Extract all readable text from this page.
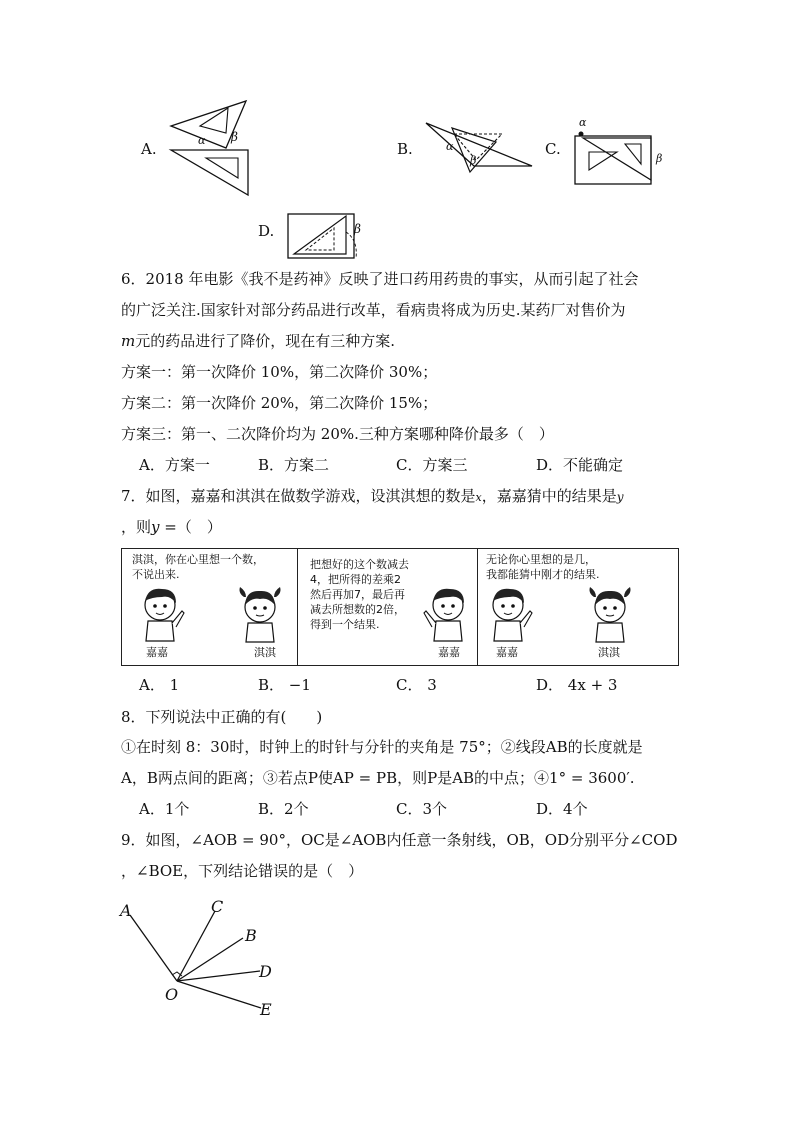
A.	α β
B.	α
β
C.
α
β
D.	β
6．2018 年电影《我不是药神》反映了进口药用药贵的事实，从而引起了社会
的广泛关注.国家针对部分药品进行改革，看病贵将成为历史.某药厂对售价为
m元的药品进行了降价，现在有三种方案.
方案一：第一次降价 10%，第二次降价 30%；
方案二：第一次降价 20%，第二次降价 15%；
方案三：第一、二次降价均为 20%.三种方案哪种降价最多（　）
A．方案一	B．方案二	C．方案三	D．不能确定
7．如图，嘉嘉和淇淇在做数学游戏，设淇淇想的数是x，嘉嘉猜中的结果是y
，则y =（　）
淇淇，你在心里想一个数，
不说出来.
嘉嘉	淇淇
把想好的这个数减去
4，把所得的差乘2
然后再加7，最后再
减去所想数的2倍，
得到一个结果.
嘉嘉
无论你心里想的是几，
我都能猜中刚才的结果.
嘉嘉	淇淇
A． 1	B． −1	C． 3	D． 4x + 3
8．下列说法中正确的有(　　)
①在时刻 8：30时，时钟上的时针与分针的夹角是 75°；②线段AB的长度就是
A，B两点间的距离；③若点P使AP = PB，则P是AB的中点；④1° = 3600′.
A．1个	B．2个	C．3个	D．4个
9．如图，∠AOB = 90°，OC是∠AOB内任意一条射线，OB，OD分别平分∠COD
，∠BOE，下列结论错误的是（　）
A	C
B
D
E
O
